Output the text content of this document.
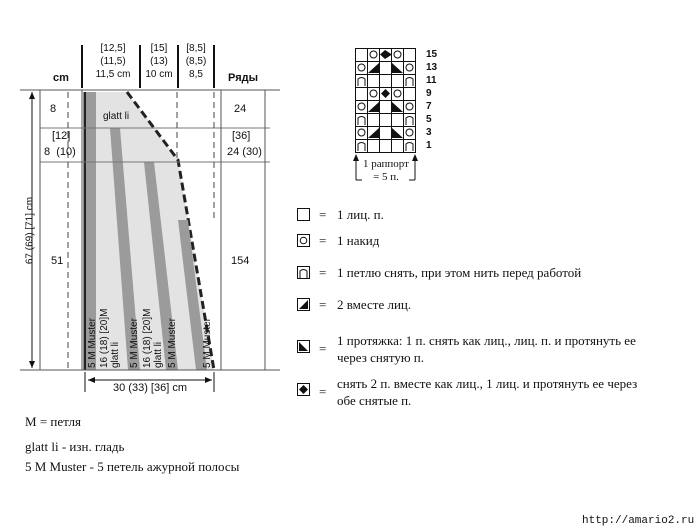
cm	Ряды
[12,5]
(11,5)
11,5 cm
[15]
(13)
10 cm
[8,5]
(8,5)
8,5
8
[12]
8  (10)
51
24
[36]
24 (30)
154
67 (69) [71] cm
30 (33) [36] cm
glatt li
5 M Muster	5 M Muster	5 M Muster 5 M Muster
16 (18) [20]M glatt li 16 (18) [20]M glatt li
15
13
11
9
7
5
3
1
1 раппорт
= 5 п.
= 1 лиц. п.
= 1 накид
= 1 петлю снять, при этом нить перед работой
= 2 вместе лиц.
=
1 протяжка: 1 п. снять как лиц., лиц. п. и протянуть ее
через снятую п.
=
снять 2 п. вместе как лиц., 1 лиц. и протянуть ее через
обе снятые п.
М = петля
glatt li - изн. гладь
5 M Muster - 5 петель ажурной полосы
http://amario2.ru
